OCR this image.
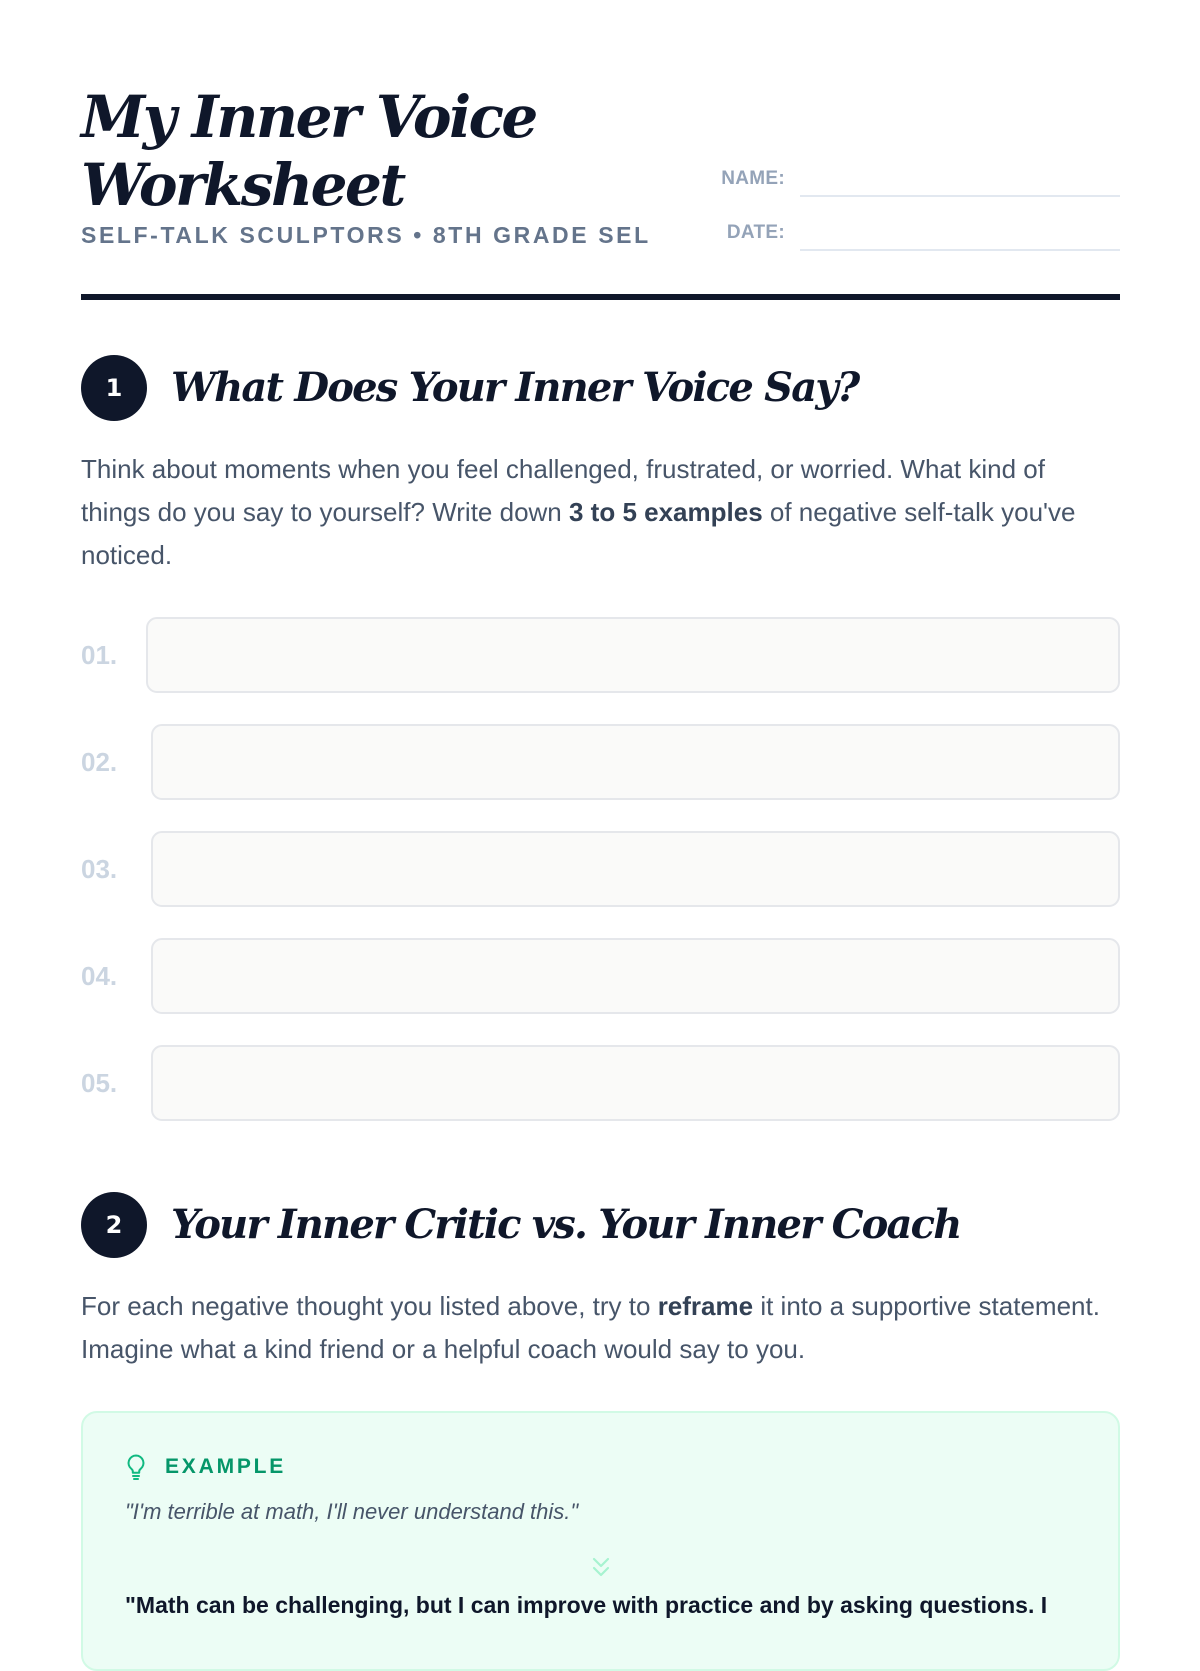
My Inner Voice Worksheet
SELF-TALK SCULPTORS • 8TH GRADE SEL
NAME:
DATE:
1	What Does Your Inner Voice Say?

Think about moments when you feel challenged, frustrated, or worried. What kind of things do you say to yourself? Write down 3 to 5 examples of negative self-talk you've noticed.

01.
02.
03.
04.
05.
2	Your Inner Critic vs. Your Inner Coach

For each negative thought you listed above, try to reframe it into a supportive statement. Imagine what a kind friend or a helpful coach would say to you.

EXAMPLE
"I'm terrible at math, I'll never understand this."
"Math can be challenging, but I can improve with practice and by asking questions. I
